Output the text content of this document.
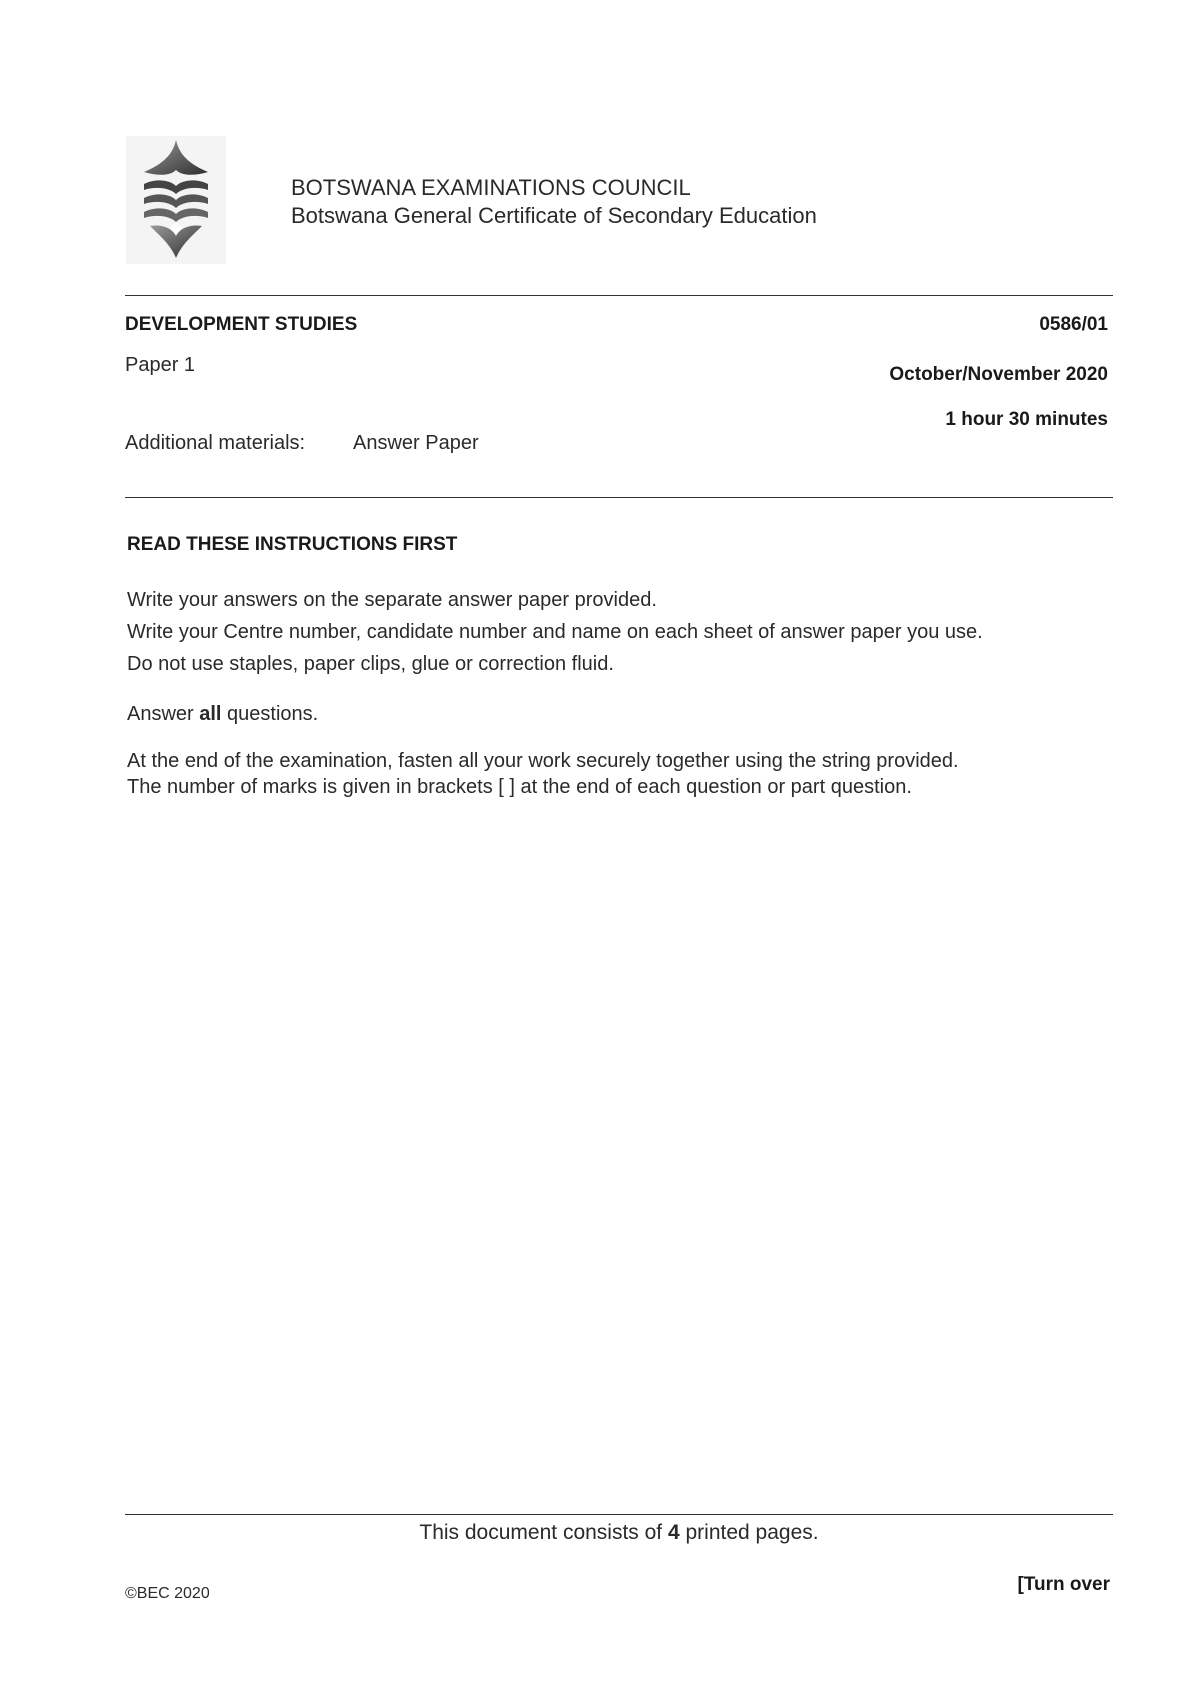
BOTSWANA EXAMINATIONS COUNCIL
Botswana General Certificate of Secondary Education
DEVELOPMENT STUDIES
Paper 1
Additional materials: Answer Paper
0586/01
October/November 2020
1 hour 30 minutes
READ THESE INSTRUCTIONS FIRST

Write your answers on the separate answer paper provided.

Write your Centre number, candidate number and name on each sheet of answer paper you use.

Do not use staples, paper clips, glue or correction fluid.

Answer all questions.

At the end of the examination, fasten all your work securely together using the string provided.

The number of marks is given in brackets [ ] at the end of each question or part question.

This document consists of 4 printed pages.
©BEC 2020	[Turn over
